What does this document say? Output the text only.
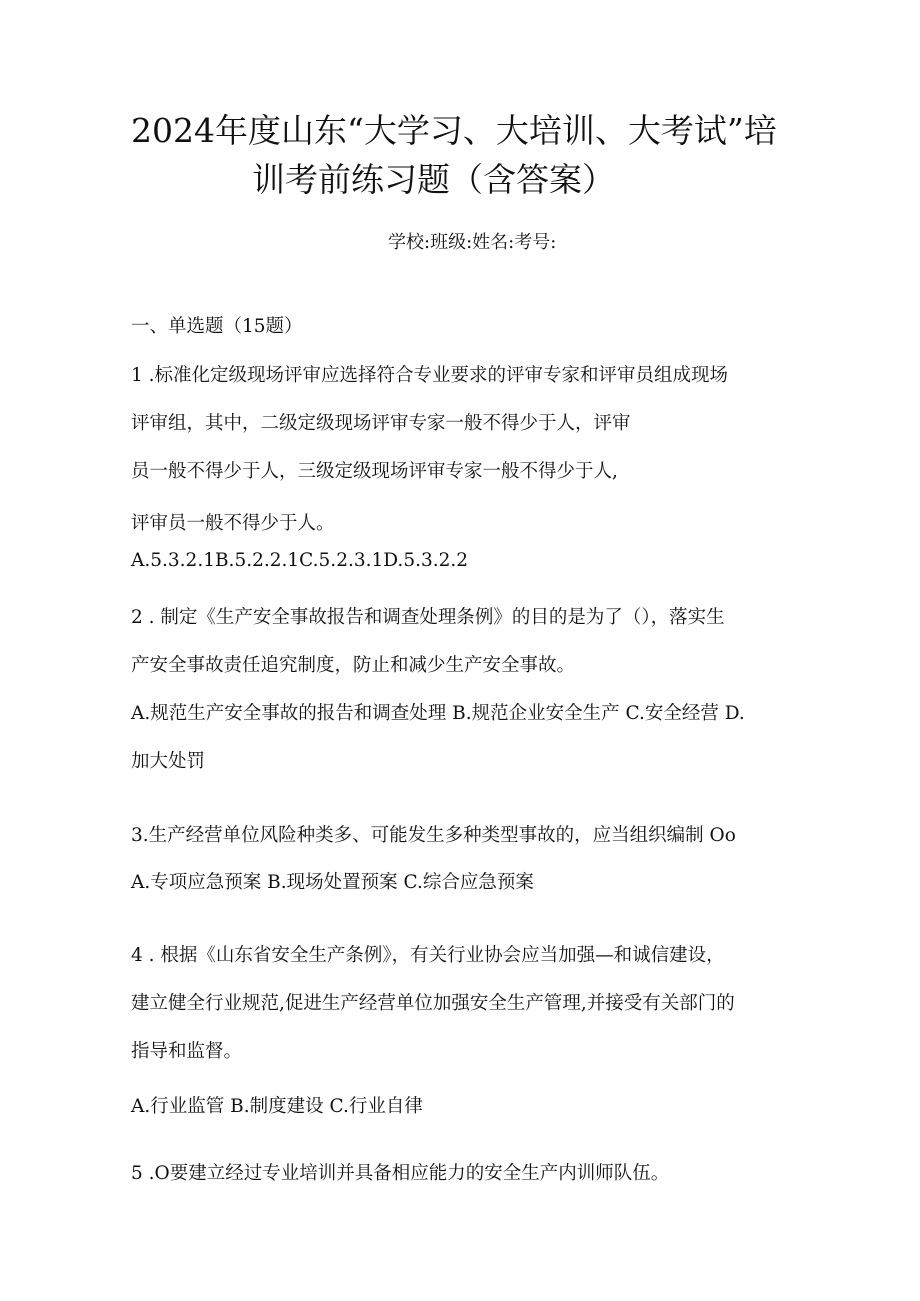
2024年度山东“大学习、大培训、大考试”培
训考前练习题（含答案）
学校:班级:姓名:考号:
一、单选题（15题）
1 .标准化定级现场评审应选择符合专业要求的评审专家和评审员组成现场
评审组，其中，二级定级现场评审专家一般不得少于人，评审
员一般不得少于人，三级定级现场评审专家一般不得少于人,
评审员一般不得少于人。
A.5.3.2.1B.5.2.2.1C.5.2.3.1D.5.3.2.2
2 . 制定《生产安全事故报告和调查处理条例》的目的是为了（），落实生
产安全事故责任追究制度，防止和减少生产安全事故。
A.规范生产安全事故的报告和调查处理 B.规范企业安全生产 C.安全经营 D.
加大处罚
3.生产经营单位风险种类多、可能发生多种类型事故的，应当组织编制 Oo
A.专项应急预案 B.现场处置预案 C.综合应急预案
4 . 根据《山东省安全生产条例》，有关行业协会应当加强—和诚信建设，
建立健全行业规范,促进生产经营单位加强安全生产管理,并接受有关部门的
指导和监督。
A.行业监管 B.制度建设 C.行业自律
5 .O要建立经过专业培训并具备相应能力的安全生产内训师队伍。
